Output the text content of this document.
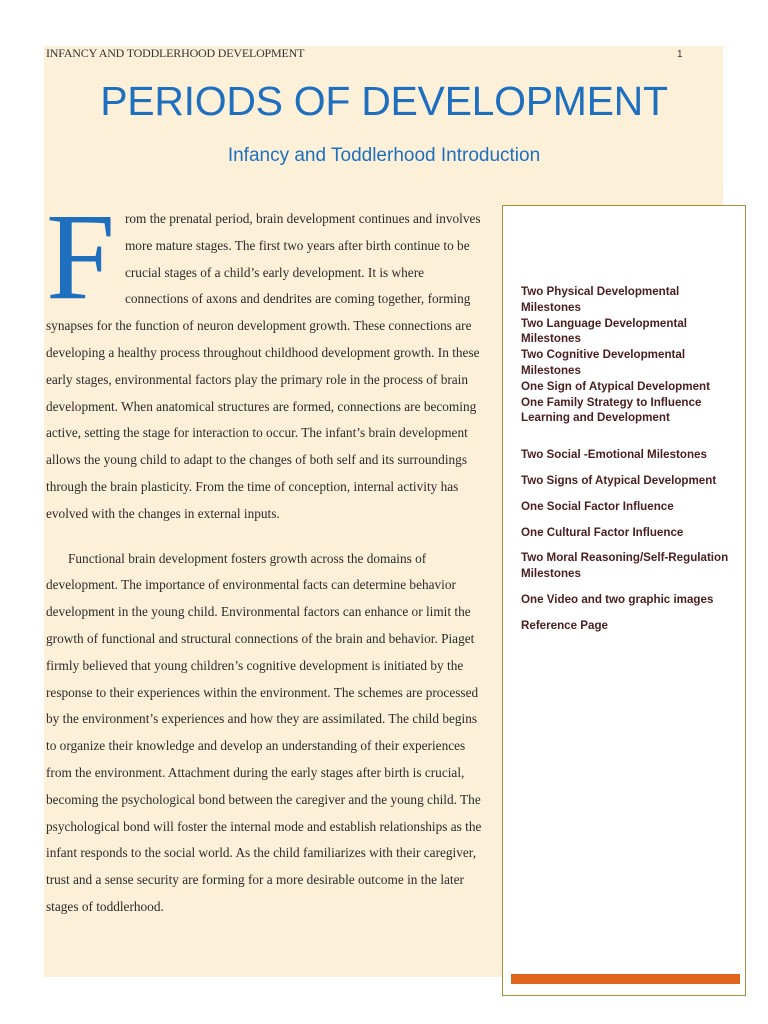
INFANCY AND TODDLERHOOD DEVELOPMENT	1
PERIODS OF DEVELOPMENT
Infancy and Toddlerhood Introduction

From the prenatal period, brain development continues and involves more mature stages. The first two years after birth continue to be crucial stages of a child’s early development. It is where connections of axons and dendrites are coming together, forming synapses for the function of neuron development growth. These connections are developing a healthy process throughout childhood development growth. In these early stages, environmental factors play the primary role in the process of brain development. When anatomical structures are formed, connections are becoming active, setting the stage for interaction to occur. The infant’s brain development allows the young child to adapt to the changes of both self and its surroundings through the brain plasticity. From the time of conception, internal activity has evolved with the changes in external inputs.

Functional brain development fosters growth across the domains of development. The importance of environmental facts can determine behavior development in the young child. Environmental factors can enhance or limit the growth of functional and structural connections of the brain and behavior. Piaget firmly believed that young children’s cognitive development is initiated by the response to their experiences within the environment. The schemes are processed by the environment’s experiences and how they are assimilated. The child begins to organize their knowledge and develop an understanding of their experiences from the environment. Attachment during the early stages after birth is crucial, becoming the psychological bond between the caregiver and the young child. The psychological bond will foster the internal mode and establish relationships as the infant responds to the social world. As the child familiarizes with their caregiver, trust and a sense security are forming for a more desirable outcome in the later stages of toddlerhood.

Two Physical Developmental Milestones
Two Language Developmental Milestones
Two Cognitive Developmental Milestones
One Sign of Atypical Development
One Family Strategy to Influence Learning and Development
Two Social -Emotional Milestones
Two Signs of Atypical Development
One Social Factor Influence
One Cultural Factor Influence
Two Moral Reasoning/Self-Regulation Milestones
One Video and two graphic images
Reference Page
